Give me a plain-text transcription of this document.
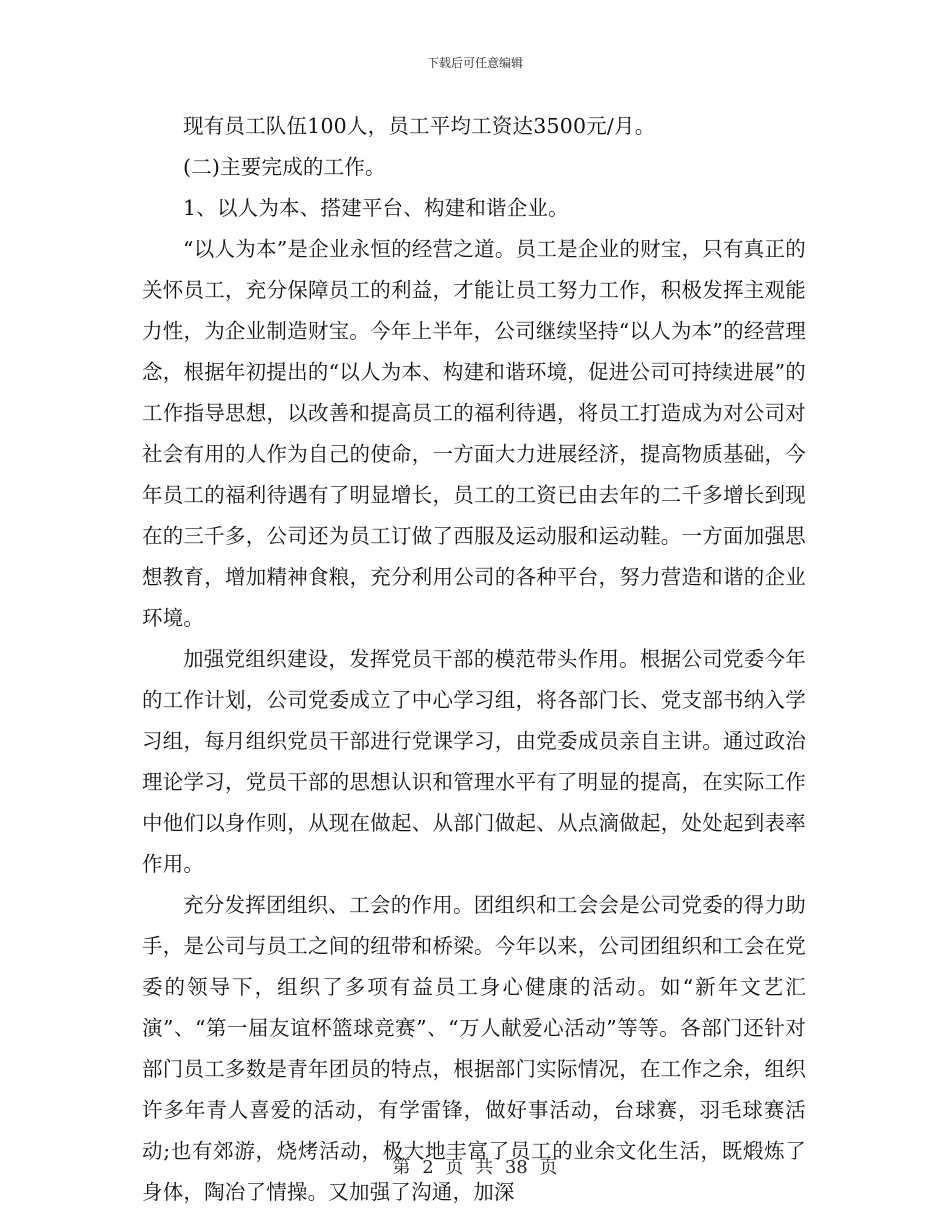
下载后可任意编辑

现有员工队伍100人，员工平均工资达3500元/月。

(二)主要完成的工作。

1、以人为本、搭建平台、构建和谐企业。

“以人为本”是企业永恒的经营之道。员工是企业的财宝，只有真正的关怀员工，充分保障员工的利益，才能让员工努力工作，积极发挥主观能力性，为企业制造财宝。今年上半年，公司继续坚持“以人为本”的经营理念，根据年初提出的“以人为本、构建和谐环境，促进公司可持续进展”的工作指导思想，以改善和提高员工的福利待遇，将员工打造成为对公司对社会有用的人作为自己的使命，一方面大力进展经济，提高物质基础，今年员工的福利待遇有了明显增长，员工的工资已由去年的二千多增长到现在的三千多，公司还为员工订做了西服及运动服和运动鞋。一方面加强思想教育，增加精神食粮，充分利用公司的各种平台，努力营造和谐的企业环境。

加强党组织建设，发挥党员干部的模范带头作用。根据公司党委今年的工作计划，公司党委成立了中心学习组，将各部门长、党支部书纳入学习组，每月组织党员干部进行党课学习，由党委成员亲自主讲。通过政治理论学习，党员干部的思想认识和管理水平有了明显的提高，在实际工作中他们以身作则，从现在做起、从部门做起、从点滴做起，处处起到表率作用。

充分发挥团组织、工会的作用。团组织和工会会是公司党委的得力助手，是公司与员工之间的纽带和桥梁。今年以来，公司团组织和工会在党委的领导下，组织了多项有益员工身心健康的活动。如“新年文艺汇演”、“第一届友谊杯篮球竞赛”、“万人献爱心活动”等等。各部门还针对部门员工多数是青年团员的特点，根据部门实际情况，在工作之余，组织许多年青人喜爱的活动，有学雷锋，做好事活动，台球赛，羽毛球赛活动;也有郊游，烧烤活动，极大地丰富了员工的业余文化生活，既煅炼了身体，陶冶了情操。又加强了沟通，加深

第 2 页 共 38 页
